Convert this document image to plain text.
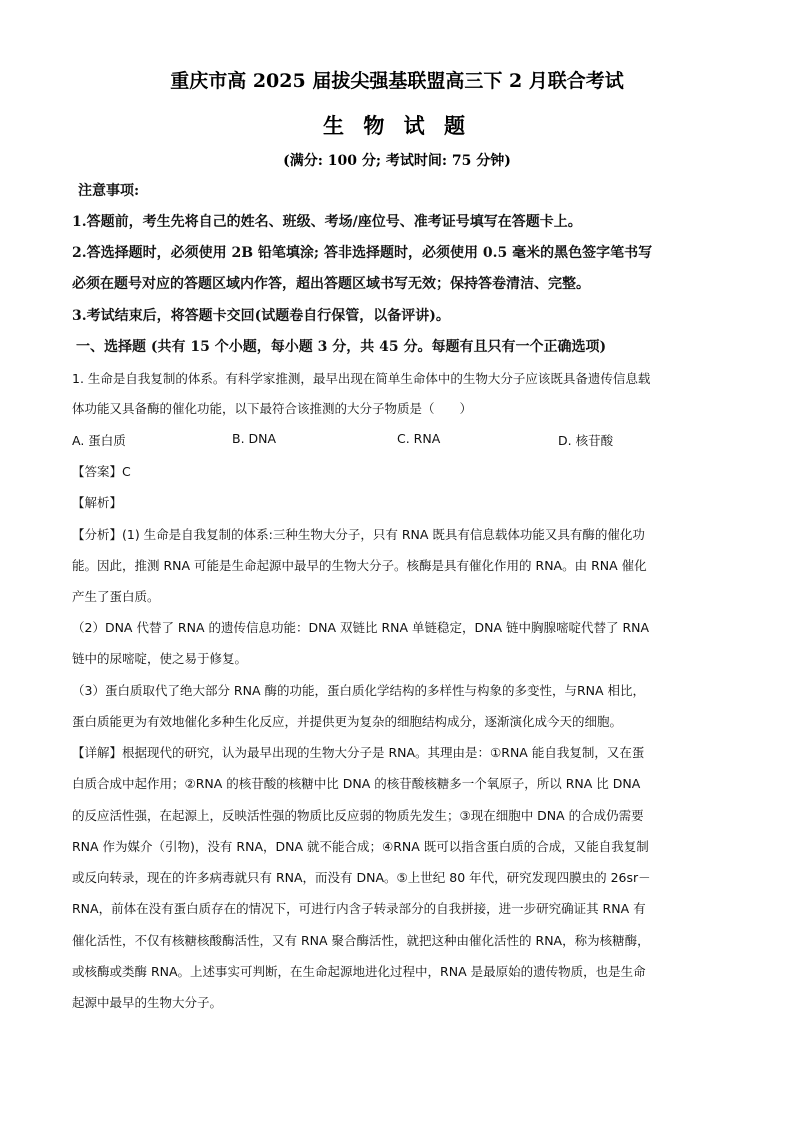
重庆市高 2025 届拔尖强基联盟高三下 2 月联合考试
生 物 试 题
(满分: 100 分; 考试时间: 75 分钟)
注意事项:
1.答题前，考生先将自己的姓名、班级、考场/座位号、准考证号填写在答题卡上。
2.答选择题时，必须使用 2B 铅笔填涂; 答非选择题时，必须使用 0.5 毫米的黑色签字笔书写
必须在题号对应的答题区域内作答，超出答题区域书写无效；保持答卷清洁、完整。
3.考试结束后，将答题卡交回(试题卷自行保管，以备评讲)。
一、选择题 (共有 15 个小题，每小题 3 分，共 45 分。每题有且只有一个正确选项)
1. 生命是自我复制的体系。有科学家推测，最早出现在简单生命体中的生物大分子应该既具备遗传信息载
体功能又具备酶的催化功能，以下最符合该推测的大分子物质是（　　）
A. 蛋白质	B. DNA	C. RNA	D. 核苷酸
【答案】C
【解析】
【分析】(1) 生命是自我复制的体系:三种生物大分子，只有 RNA 既具有信息载体功能又具有酶的催化功
能。因此，推测 RNA 可能是生命起源中最早的生物大分子。核酶是具有催化作用的 RNA。由 RNA 催化
产生了蛋白质。
（2）DNA 代替了 RNA 的遗传信息功能：DNA 双链比 RNA 单链稳定，DNA 链中胸腺嘧啶代替了 RNA
链中的尿嘧啶，使之易于修复。
（3）蛋白质取代了绝大部分 RNA 酶的功能，蛋白质化学结构的多样性与构象的多变性，与RNA 相比，
蛋白质能更为有效地催化多种生化反应，并提供更为复杂的细胞结构成分，逐渐演化成今天的细胞。
【详解】根据现代的研究，认为最早出现的生物大分子是 RNA。其理由是：①RNA 能自我复制，又在蛋
白质合成中起作用；②RNA 的核苷酸的核糖中比 DNA 的核苷酸核糖多一个氧原子，所以 RNA 比 DNA
的反应活性强，在起源上，反映活性强的物质比反应弱的物质先发生；③现在细胞中 DNA 的合成仍需要
RNA 作为媒介（引物)，没有 RNA，DNA 就不能合成；④RNA 既可以指含蛋白质的合成，又能自我复制
或反向转录，现在的许多病毒就只有 RNA，而没有 DNA。⑤上世纪 80 年代，研究发现四膜虫的 26sr－
RNA，前体在没有蛋白质存在的情况下，可进行内含子转录部分的自我拼接，进一步研究确证其 RNA 有
催化活性，不仅有核糖核酸酶活性，又有 RNA 聚合酶活性，就把这种由催化活性的 RNA，称为核糖酶，
或核酶或类酶 RNA。上述事实可判断，在生命起源地进化过程中，RNA 是最原始的遗传物质，也是生命
起源中最早的生物大分子。
